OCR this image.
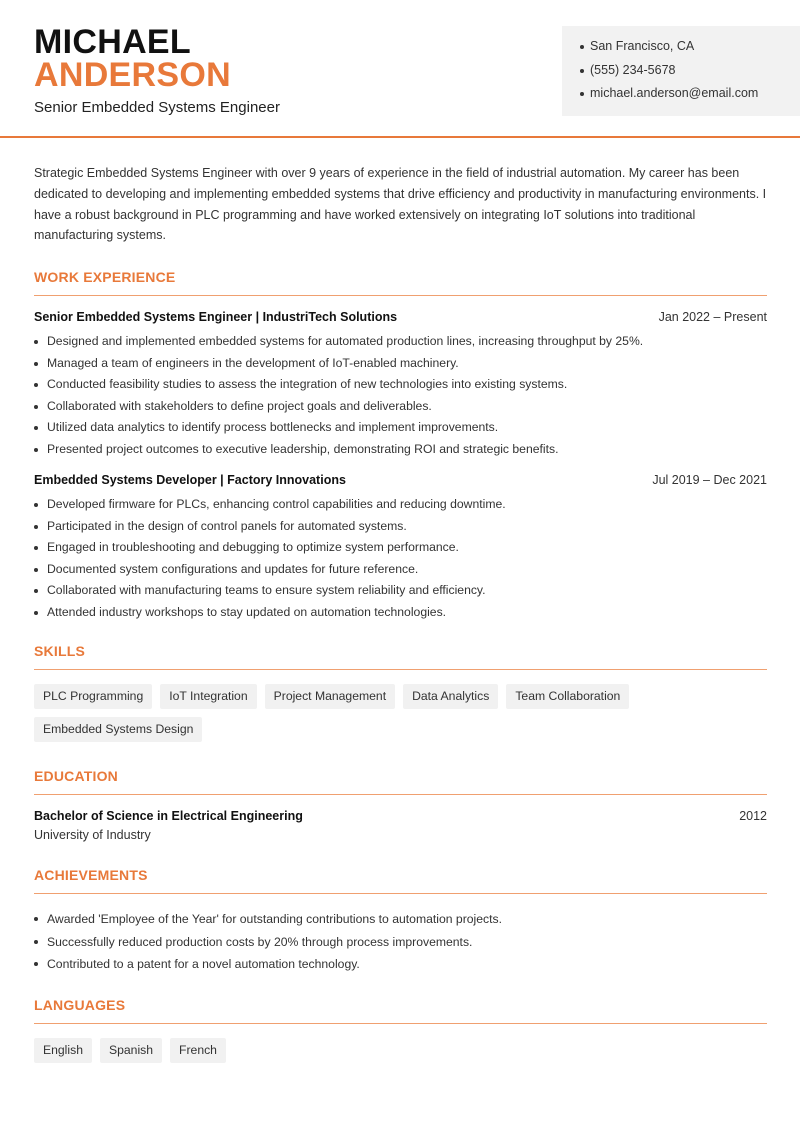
MICHAEL
ANDERSON
Senior Embedded Systems Engineer
San Francisco, CA
(555) 234-5678
michael.anderson@email.com

Strategic Embedded Systems Engineer with over 9 years of experience in the field of industrial automation. My career has been dedicated to developing and implementing embedded systems that drive efficiency and productivity in manufacturing environments. I have a robust background in PLC programming and have worked extensively on integrating IoT solutions into traditional manufacturing systems.

WORK EXPERIENCE
Senior Embedded Systems Engineer | IndustriTech Solutions	Jan 2022 – Present
Designed and implemented embedded systems for automated production lines, increasing throughput by 25%.
Managed a team of engineers in the development of IoT-enabled machinery.
Conducted feasibility studies to assess the integration of new technologies into existing systems.
Collaborated with stakeholders to define project goals and deliverables.
Utilized data analytics to identify process bottlenecks and implement improvements.
Presented project outcomes to executive leadership, demonstrating ROI and strategic benefits.
Embedded Systems Developer | Factory Innovations	Jul 2019 – Dec 2021
Developed firmware for PLCs, enhancing control capabilities and reducing downtime.
Participated in the design of control panels for automated systems.
Engaged in troubleshooting and debugging to optimize system performance.
Documented system configurations and updates for future reference.
Collaborated with manufacturing teams to ensure system reliability and efficiency.
Attended industry workshops to stay updated on automation technologies.
SKILLS
PLC Programming	IoT Integration	Project Management	Data Analytics	Team Collaboration
Embedded Systems Design
EDUCATION
Bachelor of Science in Electrical Engineering	2012
University of Industry
ACHIEVEMENTS
Awarded 'Employee of the Year' for outstanding contributions to automation projects.
Successfully reduced production costs by 20% through process improvements.
Contributed to a patent for a novel automation technology.
LANGUAGES
English	Spanish	French
